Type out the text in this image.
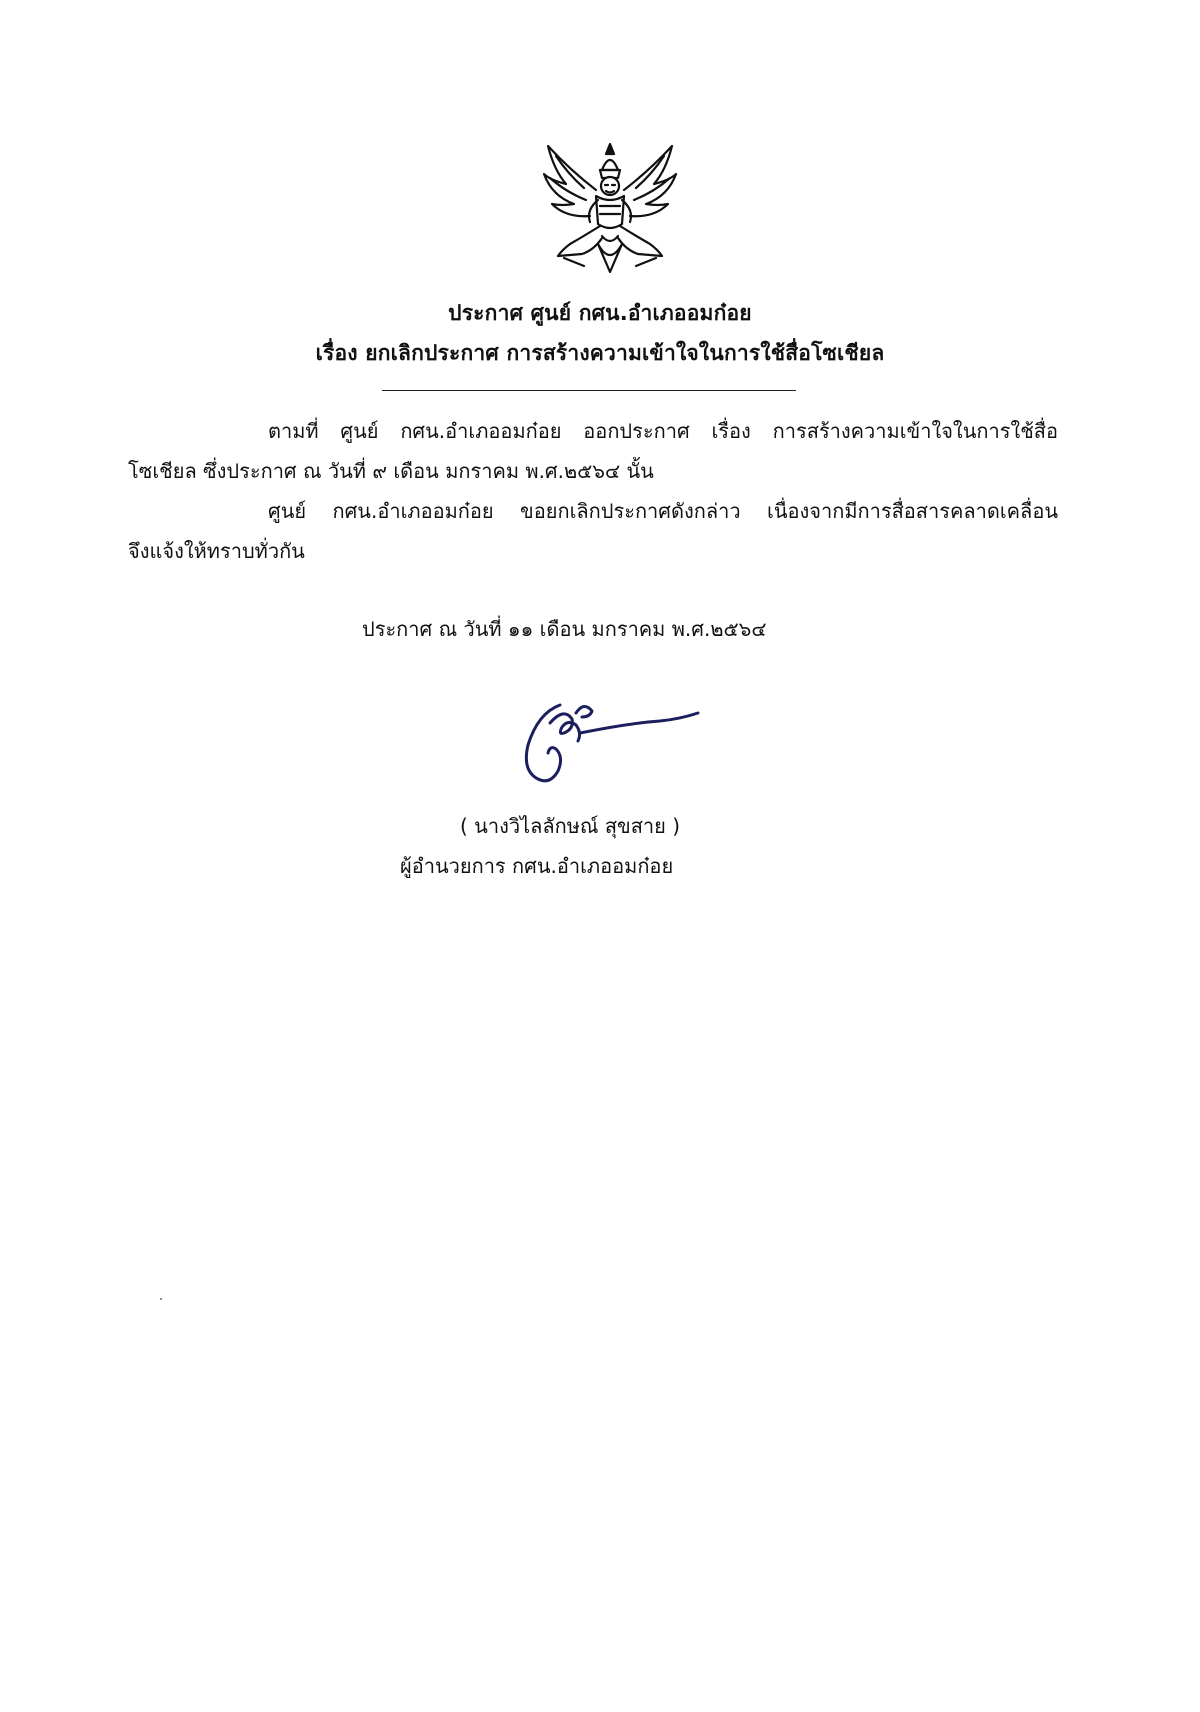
ประกาศ ศูนย์ กศน.อำเภออมก๋อย
เรื่อง ยกเลิกประกาศ การสร้างความเข้าใจในการใช้สื่อโซเชียล
ตามที่ ศูนย์ กศน.อำเภออมก๋อย ออกประกาศ เรื่อง การสร้างความเข้าใจในการใช้สื่อ
โซเชียล ซึ่งประกาศ ณ วันที่ ๙ เดือน มกราคม พ.ศ.๒๕๖๔ นั้น
ศูนย์ กศน.อำเภออมก๋อย ขอยกเลิกประกาศดังกล่าว เนื่องจากมีการสื่อสารคลาดเคลื่อน
จึงแจ้งให้ทราบทั่วกัน
ประกาศ ณ วันที่ ๑๑ เดือน มกราคม พ.ศ.๒๕๖๔
( นางวิไลลักษณ์ สุขสาย )
ผู้อำนวยการ กศน.อำเภออมก๋อย
